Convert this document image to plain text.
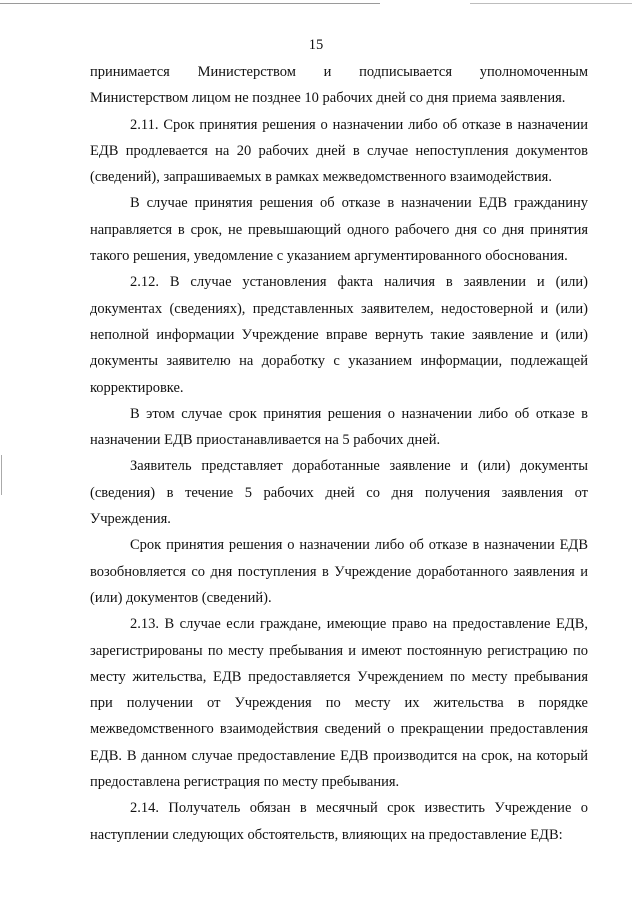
15

принимается Министерством и подписывается уполномоченным Министерством лицом не позднее 10 рабочих дней со дня приема заявления.

2.11. Срок принятия решения о назначении либо об отказе в назначении ЕДВ продлевается на 20 рабочих дней в случае непоступления документов (сведений), запрашиваемых в рамках межведомственного взаимодействия.

В случае принятия решения об отказе в назначении ЕДВ гражданину направляется в срок, не превышающий одного рабочего дня со дня принятия такого решения, уведомление с указанием аргументированного обоснования.

2.12. В случае установления факта наличия в заявлении и (или) документах (сведениях), представленных заявителем, недостоверной и (или) неполной информации Учреждение вправе вернуть такие заявление и (или) документы заявителю на доработку с указанием информации, подлежащей корректировке.

В этом случае срок принятия решения о назначении либо об отказе в назначении ЕДВ приостанавливается на 5 рабочих дней.

Заявитель представляет доработанные заявление и (или) документы (сведения) в течение 5 рабочих дней со дня получения заявления от Учреждения.

Срок принятия решения о назначении либо об отказе в назначении ЕДВ возобновляется со дня поступления в Учреждение доработанного заявления и (или) документов (сведений).

2.13. В случае если граждане, имеющие право на предоставление ЕДВ, зарегистрированы по месту пребывания и имеют постоянную регистрацию по месту жительства, ЕДВ предоставляется Учреждением по месту пребывания при получении от Учреждения по месту их жительства в порядке межведомственного взаимодействия сведений о прекращении предоставления ЕДВ. В данном случае предоставление ЕДВ производится на срок, на который предоставлена регистрация по месту пребывания.

2.14. Получатель обязан в месячный срок известить Учреждение о наступлении следующих обстоятельств, влияющих на предоставление ЕДВ:
